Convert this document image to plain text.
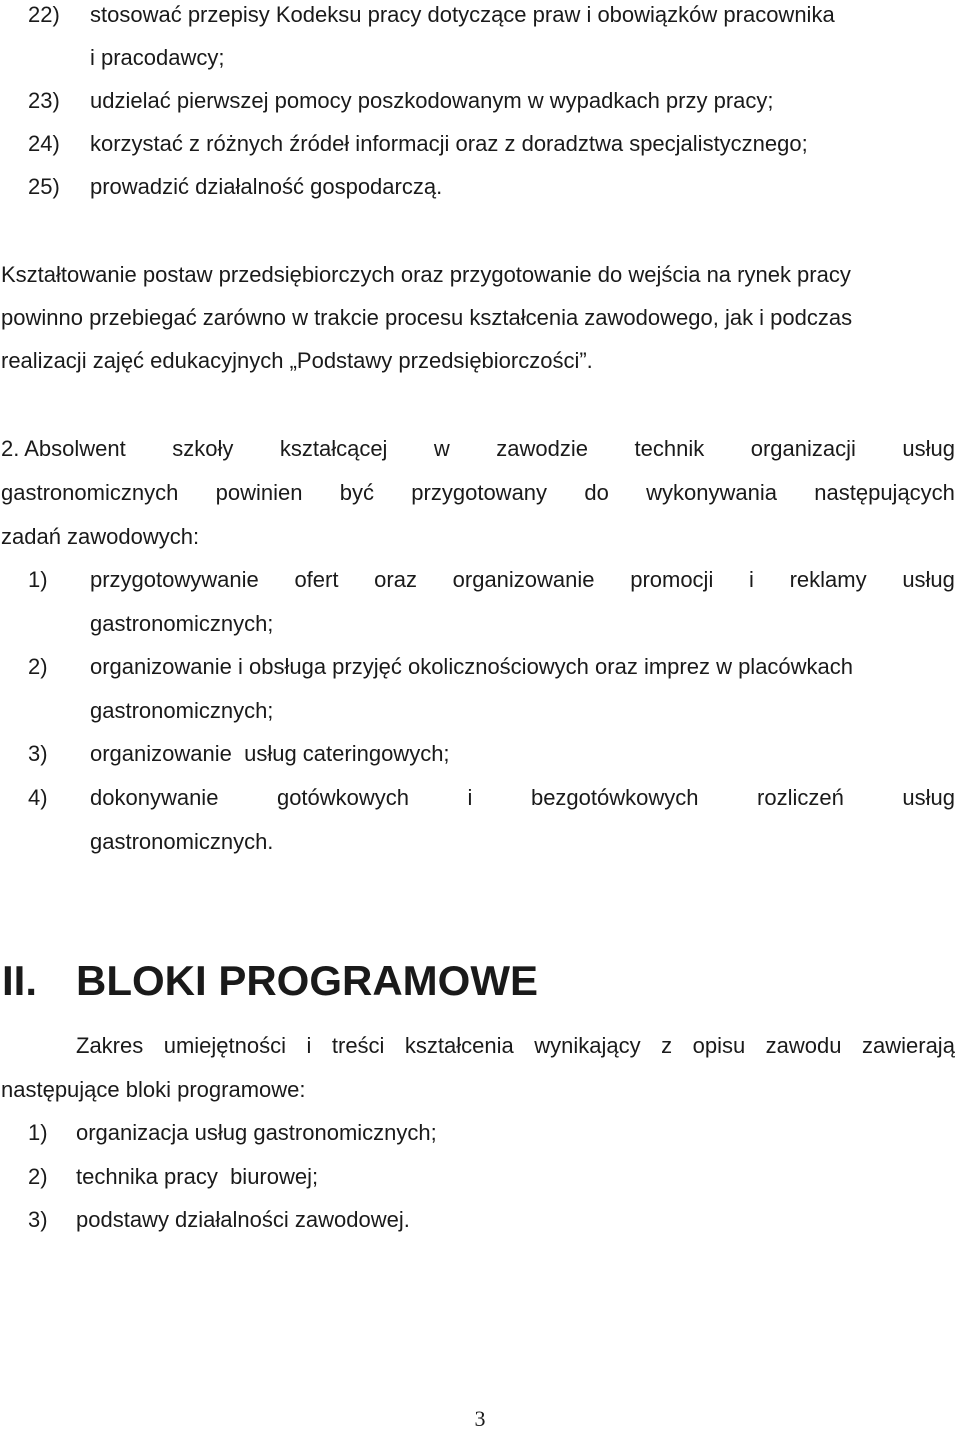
22) stosować przepisy Kodeksu pracy dotyczące praw i obowiązków pracownika
i pracodawcy;
23) udzielać pierwszej pomocy poszkodowanym w wypadkach przy pracy;
24) korzystać z różnych źródeł informacji oraz z doradztwa specjalistycznego;
25) prowadzić działalność gospodarczą.
Kształtowanie postaw przedsiębiorczych oraz przygotowanie do wejścia na rynek pracy
powinno przebiegać zarówno w trakcie procesu kształcenia zawodowego, jak i podczas
realizacji zajęć edukacyjnych „Podstawy przedsiębiorczości”.
2. Absolwent szkoły kształcącej w zawodzie technik organizacji usług
gastronomicznych powinien być przygotowany do wykonywania następujących
zadań zawodowych:
1) przygotowywanie ofert oraz organizowanie promocji i reklamy usług
gastronomicznych;
2) organizowanie i obsługa przyjęć okolicznościowych oraz imprez w placówkach
gastronomicznych;
3) organizowanie  usług cateringowych;
4) dokonywanie	gotówkowych	i	bezgotówkowych	rozliczeń	usług
gastronomicznych.
II. BLOKI PROGRAMOWE
Zakres umiejętności i treści kształcenia wynikający z opisu zawodu zawierają
następujące bloki programowe:
1) organizacja usług gastronomicznych;
2) technika pracy  biurowej;
3) podstawy działalności zawodowej.
3
